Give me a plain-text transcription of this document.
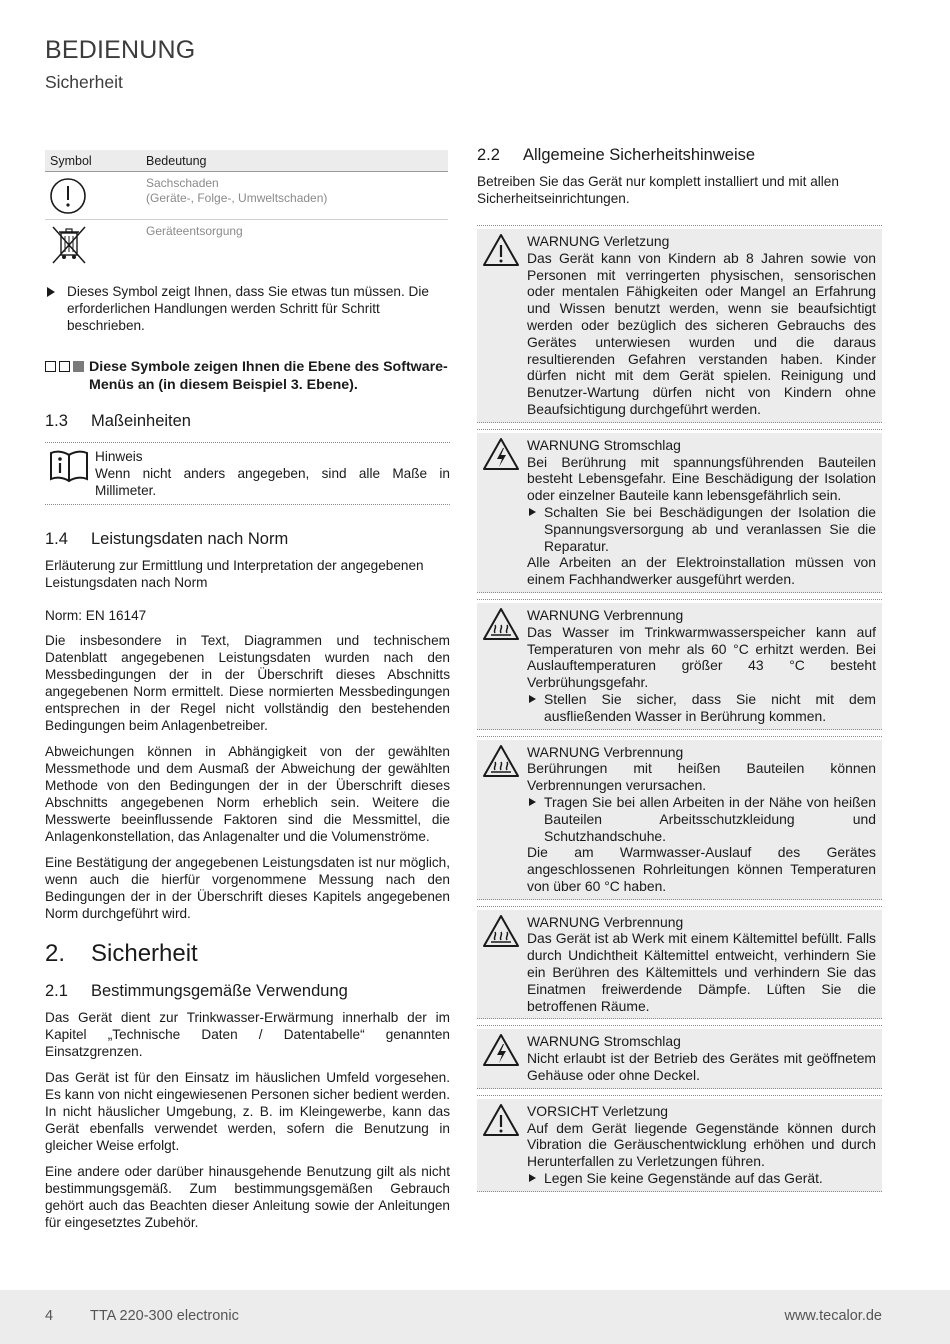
BEDIENUNG
Sicherheit
Symbol	Bedeutung
Sachschaden
(Geräte-, Folge-, Umweltschaden)
Geräteentsorgung
Dieses Symbol zeigt Ihnen, dass Sie etwas tun müssen. Die erforderlichen Handlungen werden Schritt für Schritt beschrieben.
Diese Symbole zeigen Ihnen die Ebene des Software-Menüs an (in diesem Beispiel 3. Ebene).
1.3	Maßeinheiten
Hinweis
Wenn nicht anders angegeben, sind alle Maße in Millimeter.
1.4	Leistungsdaten nach Norm

Erläuterung zur Ermittlung und Interpretation der angegebenen Leistungsdaten nach Norm

Norm: EN 16147

Die insbesondere in Text, Diagrammen und technischem Datenblatt angegebenen Leistungsdaten wurden nach den Messbedingungen der in der Überschrift dieses Abschnitts angegebenen Norm ermittelt. Diese normierten Messbedingungen entsprechen in der Regel nicht vollständig den bestehenden Bedingungen beim Anlagenbetreiber.

Abweichungen können in Abhängigkeit von der gewählten Messmethode und dem Ausmaß der Abweichung der gewählten Methode von den Bedingungen der in der Überschrift dieses Abschnitts angegebenen Norm erheblich sein. Weitere die Messwerte beeinflussende Faktoren sind die Messmittel, die Anlagenkonstellation, das Anlagenalter und die Volumenströme.

Eine Bestätigung der angegebenen Leistungsdaten ist nur möglich, wenn auch die hierfür vorgenommene Messung nach den Bedingungen der in der Überschrift dieses Kapitels angegebenen Norm durchgeführt wird.

2.	Sicherheit
2.1	Bestimmungsgemäße Verwendung

Das Gerät dient zur Trinkwasser-Erwärmung innerhalb der im Kapitel „Technische Daten / Datentabelle“ genannten Einsatzgrenzen.

Das Gerät ist für den Einsatz im häuslichen Umfeld vorgesehen. Es kann von nicht eingewiesenen Personen sicher bedient werden. In nicht häuslicher Umgebung, z. B. im Kleingewerbe, kann das Gerät ebenfalls verwendet werden, sofern die Benutzung in gleicher Weise erfolgt.

Eine andere oder darüber hinausgehende Benutzung gilt als nicht bestimmungsgemäß. Zum bestimmungsgemäßen Gebrauch gehört auch das Beachten dieser Anleitung sowie der Anleitungen für eingesetztes Zubehör.

2.2	Allgemeine Sicherheitshinweise

Betreiben Sie das Gerät nur komplett installiert und mit allen Sicherheitseinrichtungen.

WARNUNG Verletzung
Das Gerät kann von Kindern ab 8 Jahren sowie von Personen mit verringerten physischen, sensorischen oder mentalen Fähigkeiten oder Mangel an Erfahrung und Wissen benutzt werden, wenn sie beaufsichtigt werden oder bezüglich des sicheren Gebrauchs des Gerätes unterwiesen wurden und die daraus resultierenden Gefahren verstanden haben. Kinder dürfen nicht mit dem Gerät spielen. Reinigung und Benutzer-Wartung dürfen nicht von Kindern ohne Beaufsichtigung durchgeführt werden.
WARNUNG Stromschlag
Bei Berührung mit spannungsführenden Bauteilen besteht Lebensgefahr. Eine Beschädigung der Isolation oder einzelner Bauteile kann lebensgefährlich sein.
Schalten Sie bei Beschädigungen der Isolation die Spannungsversorgung ab und veranlassen Sie die Reparatur.
Alle Arbeiten an der Elektroinstallation müssen von einem Fachhandwerker ausgeführt werden.
WARNUNG Verbrennung
Das Wasser im Trinkwarmwasserspeicher kann auf Temperaturen von mehr als 60 °C erhitzt werden. Bei Auslauftemperaturen größer 43 °C besteht Verbrühungsgefahr.
Stellen Sie sicher, dass Sie nicht mit dem ausfließenden Wasser in Berührung kommen.
WARNUNG Verbrennung
Berührungen mit heißen Bauteilen können Verbrennungen verursachen.
Tragen Sie bei allen Arbeiten in der Nähe von heißen Bauteilen Arbeitsschutzkleidung und Schutzhandschuhe.
Die am Warmwasser-Auslauf des Gerätes angeschlossenen Rohrleitungen können Temperaturen von über 60 °C haben.
WARNUNG Verbrennung
Das Gerät ist ab Werk mit einem Kältemittel befüllt. Falls durch Undichtheit Kältemittel entweicht, verhindern Sie ein Berühren des Kältemittels und verhindern Sie das Einatmen freiwerdende Dämpfe. Lüften Sie die betroffenen Räume.
WARNUNG Stromschlag
Nicht erlaubt ist der Betrieb des Gerätes mit geöffnetem Gehäuse oder ohne Deckel.
VORSICHT Verletzung
Auf dem Gerät liegende Gegenstände können durch Vibration die Geräuschentwicklung erhöhen und durch Herunterfallen zu Verletzungen führen.
Legen Sie keine Gegenstände auf das Gerät.
4	TTA 220-300 electronic	www.tecalor.de
